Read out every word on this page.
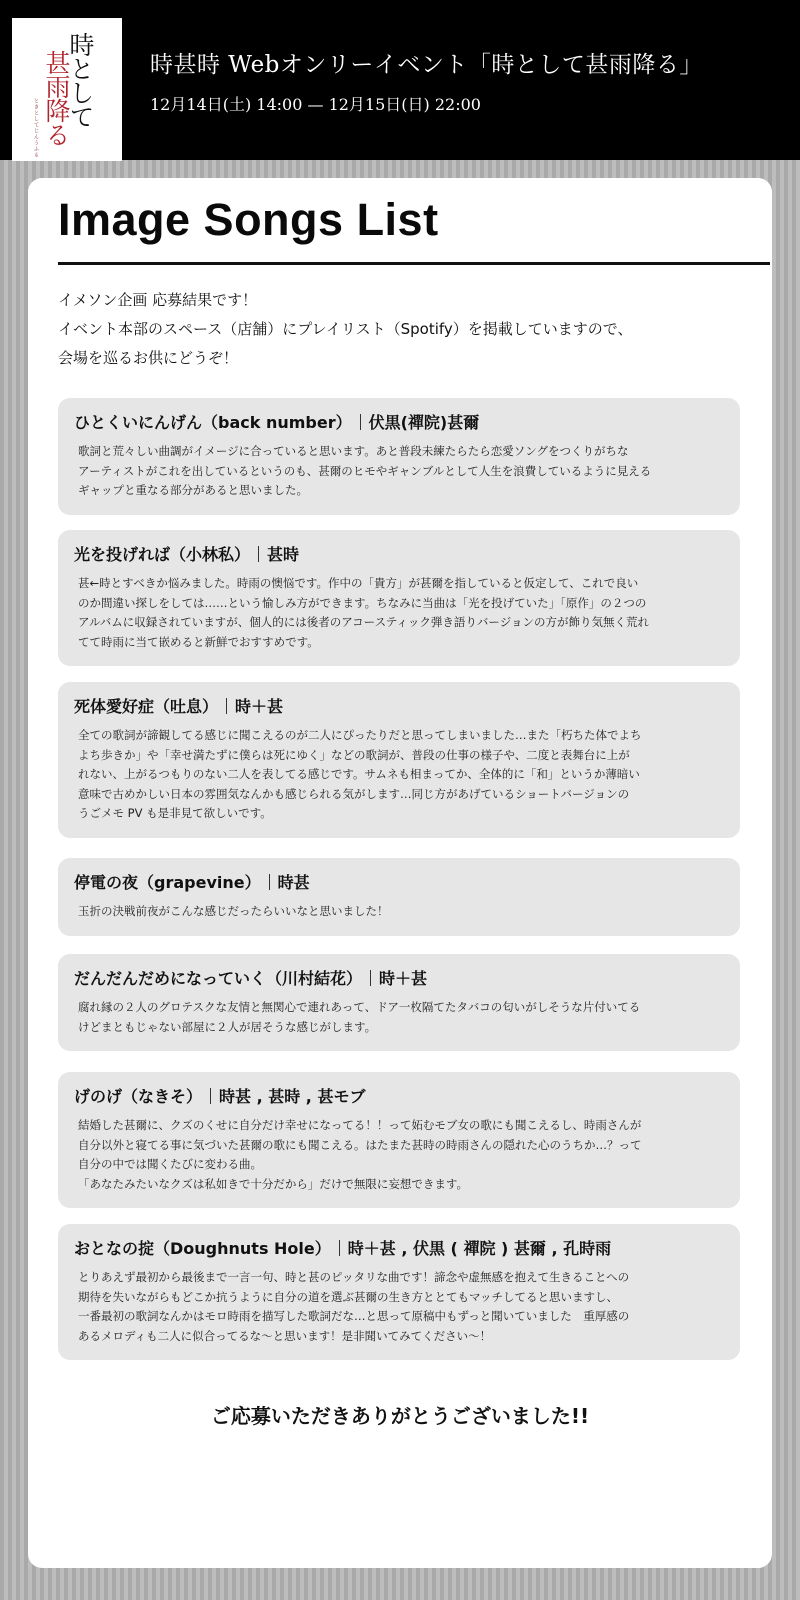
時として
甚雨降る
ときとしてじんうふる
時甚時 Webオンリーイベント「時として甚雨降る」
12月14日(土) 14:00 — 12月15日(日) 22:00
Image Songs List
イメソン企画 応募結果です！
イベント本部のスペース（店舗）にプレイリスト（Spotify）を掲載していますので、
会場を巡るお供にどうぞ！
ひとくいにんげん（back number） 伏黒(禪院)甚爾
歌詞と荒々しい曲調がイメージに合っていると思います。あと普段未練たらたら恋愛ソングをつくりがちな
アーティストがこれを出しているというのも、甚爾のヒモやギャンブルとして人生を浪費しているように見える
ギャップと重なる部分があると思いました。
光を投げれば（小林私） 甚時
甚←時とすべきか悩みました。時雨の懊悩です。作中の「貴方」が甚爾を指していると仮定して、これで良い
のか間違い探しをしては……という愉しみ方ができます。ちなみに当曲は「光を投げていた」「原作」の２つの
アルバムに収録されていますが、個人的には後者のアコースティック弾き語りバージョンの方が飾り気無く荒れ
てて時雨に当て嵌めると新鮮でおすすめです。
死体愛好症（吐息） 時＋甚
全ての歌詞が諦観してる感じに聞こえるのが二人にぴったりだと思ってしまいました…また「朽ちた体でよち
よち歩きか」や「幸せ満たずに僕らは死にゆく」などの歌詞が、普段の仕事の様子や、二度と表舞台に上が
れない、上がるつもりのない二人を表してる感じです。サムネも相まってか、全体的に「和」というか薄暗い
意味で古めかしい日本の雰囲気なんかも感じられる気がします…同じ方があげているショートバージョンの
うごメモ PV も是非見て欲しいです。
停電の夜（grapevine） 時甚
玉折の決戦前夜がこんな感じだったらいいなと思いました！
だんだんだめになっていく（川村結花） 時＋甚
腐れ縁の２人のグロテスクな友情と無関心で連れあって、ドア一枚隔てたタバコの匂いがしそうな片付いてる
けどまともじゃない部屋に２人が居そうな感じがします。
げのげ（なきそ） 時甚 , 甚時 , 甚モブ
結婚した甚爾に、クズのくせに自分だけ幸せになってる！！って妬むモブ女の歌にも聞こえるし、時雨さんが
自分以外と寝てる事に気づいた甚爾の歌にも聞こえる。はたまた甚時の時雨さんの隠れた心のうちか…？って
自分の中では聞くたびに変わる曲。
「あなたみたいなクズは私如きで十分だから」だけで無限に妄想できます。
おとなの掟（Doughnuts Hole） 時＋甚 , 伏黒 ( 禪院 ) 甚爾 , 孔時雨
とりあえず最初から最後まで一言一句、時と甚のピッタリな曲です！諦念や虚無感を抱えて生きることへの
期待を失いながらもどこか抗うように自分の道を選ぶ甚爾の生き方ととてもマッチしてると思いますし、
一番最初の歌詞なんかはモロ時雨を描写した歌詞だな…と思って原稿中もずっと聞いていました　重厚感の
あるメロディも二人に似合ってるな〜と思います！是非聞いてみてください〜！
ご応募いただきありがとうございました!!
